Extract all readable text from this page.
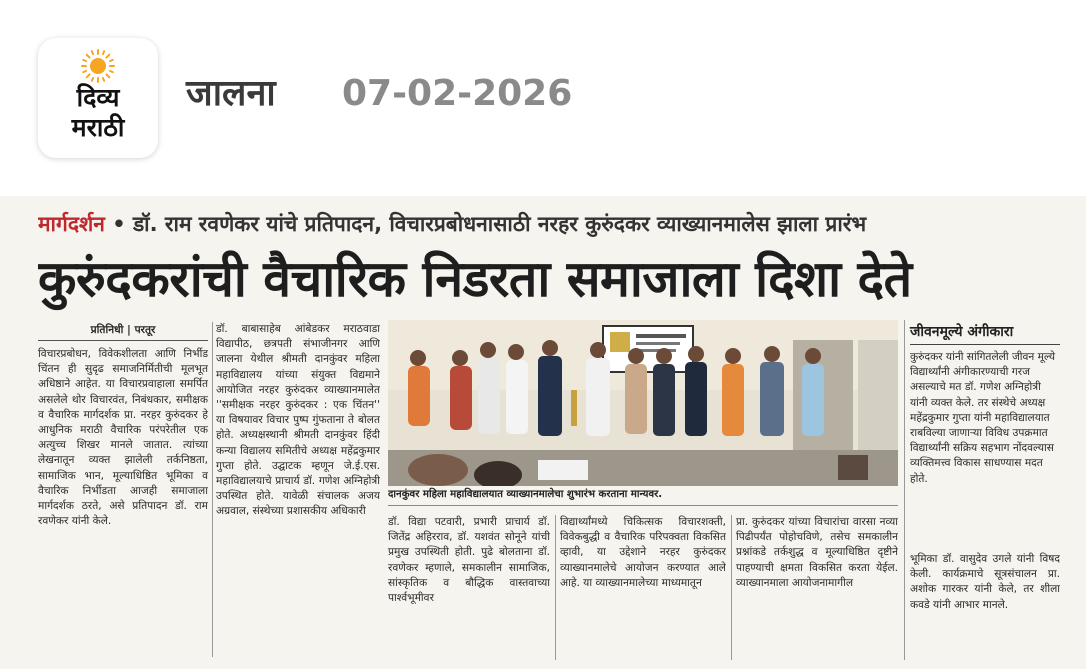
दिव्य
मराठी
जालना 07-02-2026
मार्गदर्शन • डॉ. राम रवणेकर यांचे प्रतिपादन, विचारप्रबोधनासाठी नरहर कुरुंदकर व्याख्यानमालेस झाला प्रारंभ
कुरुंदकरांची वैचारिक निडरता समाजाला दिशा देते
प्रतिनिधी | परतूर
विचारप्रबोधन, विवेकशीलता आणि निर्भीड चिंतन ही सुदृढ समाजनिर्मितीची मूलभूत अधिष्ठाने आहेत. या विचारप्रवाहाला समर्पित असलेले थोर विचारवंत, निबंधकार, समीक्षक व वैचारिक मार्गदर्शक प्रा. नरहर कुरुंदकर हे आधुनिक मराठी वैचारिक परंपरेतील एक अत्युच्च शिखर मानले जातात. त्यांच्या लेखनातून व्यक्त झालेली तर्कनिष्ठता, सामाजिक भान, मूल्याधिष्ठित भूमिका व वैचारिक निर्भीडता आजही समाजाला मार्गदर्शक ठरते, असे प्रतिपादन डॉ. राम रवणेकर यांनी केले.
डॉ. बाबासाहेब आंबेडकर मराठवाडा विद्यापीठ, छत्रपती संभाजीनगर आणि जालना येथील श्रीमती दानकुंवर महिला महाविद्यालय यांच्या संयुक्त विद्यमाने आयोजित नरहर कुरुंदकर व्याख्यानमालेत ''समीक्षक नरहर कुरुंदकर : एक चिंतन'' या विषयावर विचार पुष्प गुंफताना ते बोलत होते. अध्यक्षस्थानी श्रीमती दानकुंवर हिंदी कन्या विद्यालय समितीचे अध्यक्ष महेंद्रकुमार गुप्ता होते. उद्घाटक म्हणून जे.ई.एस. महाविद्यालयाचे प्राचार्य डॉ. गणेश अग्निहोत्री उपस्थित होते. यावेळी संचालक अजय अग्रवाल, संस्थेच्या प्रशासकीय अधिकारी
दानकुंवर महिला महाविद्यालयात व्याख्यानमालेचा शुभारंभ करताना मान्यवर.
डॉ. विद्या पटवारी, प्रभारी प्राचार्य डॉ. जितेंद्र अहिरराव, डॉ. यशवंत सोनूने यांची प्रमुख उपस्थिती होती. पुढे बोलताना डॉ. रवणेकर म्हणाले, समकालीन सामाजिक, सांस्कृतिक व बौद्धिक वास्तवाच्या पार्श्वभूमीवर
विद्यार्थ्यांमध्ये चिकित्सक विचारशक्ती, विवेकबुद्धी व वैचारिक परिपक्वता विकसित व्हावी, या उद्देशाने नरहर कुरुंदकर व्याख्यानमालेचे आयोजन करण्यात आले आहे. या व्याख्यानमालेच्या माध्यमातून
प्रा. कुरुंदकर यांच्या विचारांचा वारसा नव्या पिढीपर्यंत पोहोचविणे, तसेच समकालीन प्रश्नांकडे तर्कशुद्ध व मूल्याधिष्ठित दृष्टीने पाहण्याची क्षमता विकसित करता येईल. व्याख्यानमाला आयोजनामागील
जीवनमूल्ये अंगीकारा
कुरुंदकर यांनी सांगितलेली जीवन मूल्ये विद्यार्थ्यांनी अंगीकारण्याची गरज असल्याचे मत डॉ. गणेश अग्निहोत्री यांनी व्यक्त केले. तर संस्थेचे अध्यक्ष महेंद्रकुमार गुप्ता यांनी महाविद्यालयात राबविल्या जाणाऱ्या विविध उपक्रमात विद्यार्थ्यांनी सक्रिय सहभाग नोंदवल्यास व्यक्तिमत्त्व विकास साधण्यास मदत होते.
भूमिका डॉ. वासुदेव उगले यांनी विषद केली. कार्यक्रमाचे सूत्रसंचालन प्रा. अशोक गारकर यांनी केले, तर शीला कवडे यांनी आभार मानले.
